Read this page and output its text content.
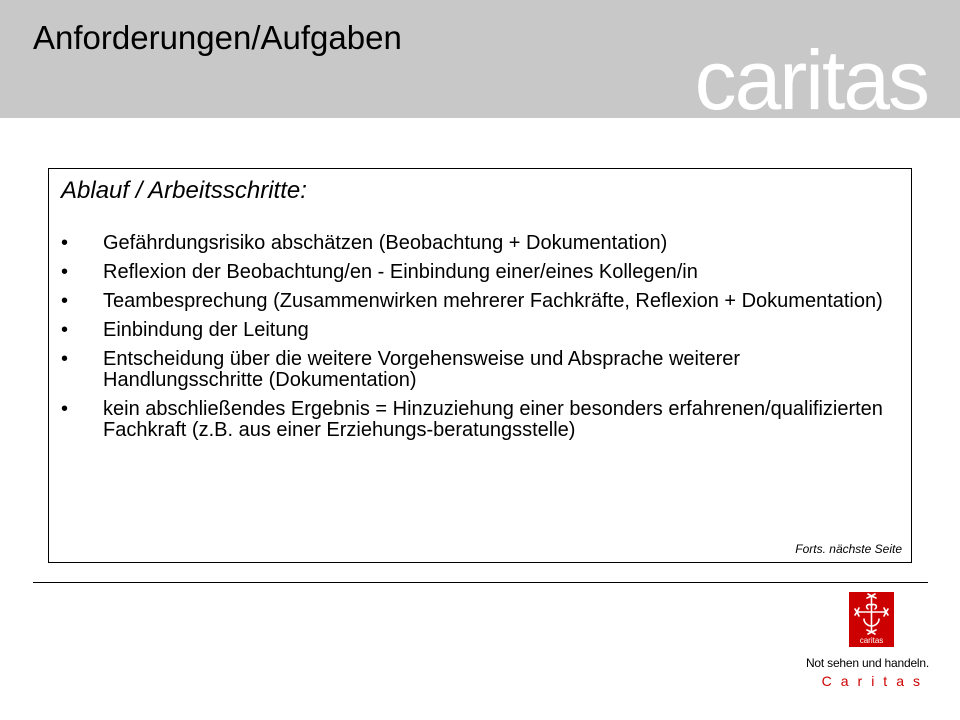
Anforderungen/Aufgaben	caritas
Ablauf / Arbeitsschritte:
• Gefährdungsrisiko abschätzen (Beobachtung + Dokumentation)
• Reflexion der Beobachtung/en - Einbindung einer/eines Kollegen/in
• Teambesprechung (Zusammenwirken mehrerer Fachkräfte, Reflexion + Dokumentation)
• Einbindung der Leitung
• Entscheidung über die weitere Vorgehensweise und Absprache weiterer Handlungsschritte (Dokumentation)
• kein abschließendes Ergebnis = Hinzuziehung einer besonders erfahrenen/qualifizierten Fachkraft (z.B. aus einer Erziehungs-beratungsstelle)
Forts. nächste Seite
caritas
Not sehen und handeln.
Caritas
